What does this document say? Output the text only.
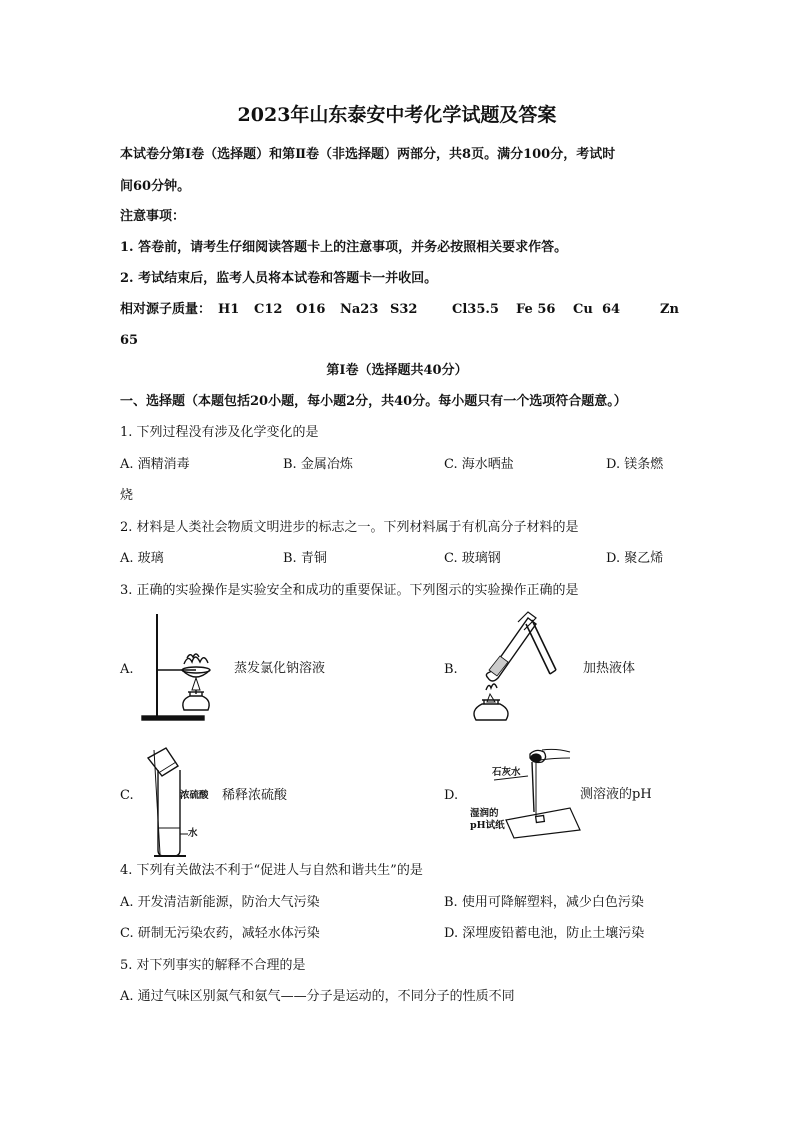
2023年山东泰安中考化学试题及答案
本试卷分第Ⅰ卷（选择题）和第Ⅱ卷（非选择题）两部分，共8页。满分100分，考试时
间60分钟。
注意事项：
1. 答卷前，请考生仔细阅读答题卡上的注意事项，并务必按照相关要求作答。
2. 考试结束后，监考人员将本试卷和答题卡一并收回。
相对源子质量： H1 C12 O16 Na23 S32	Cl35.5 Fe 56 Cu 64	Zn
65
第Ⅰ卷（选择题共40分）
一、选择题（本题包括20小题，每小题2分，共40分。每小题只有一个选项符合题意。）
1. 下列过程没有涉及化学变化的是
A. 酒精消毒	B. 金属冶炼	C. 海水晒盐	D. 镁条燃
烧
2. 材料是人类社会物质文明进步的标志之一。下列材料属于有机高分子材料的是
A. 玻璃	B. 青铜	C. 玻璃钢	D. 聚乙烯
3. 正确的实验操作是实验安全和成功的重要保证。下列图示的实验操作正确的是
A.	蒸发氯化钠溶液	B.	加热液体
C.	浓硫酸
水
稀释浓硫酸	D.
石灰水
湿润的
pH试纸
测溶液的pH
4. 下列有关做法不利于“促进人与自然和谐共生”的是
A. 开发清洁新能源，防治大气污染	B. 使用可降解塑料，减少白色污染
C. 研制无污染农药，减轻水体污染	D. 深埋废铅蓄电池，防止土壤污染
5. 对下列事实的解释不合理的是
A. 通过气味区别氮气和氨气——分子是运动的，不同分子的性质不同
